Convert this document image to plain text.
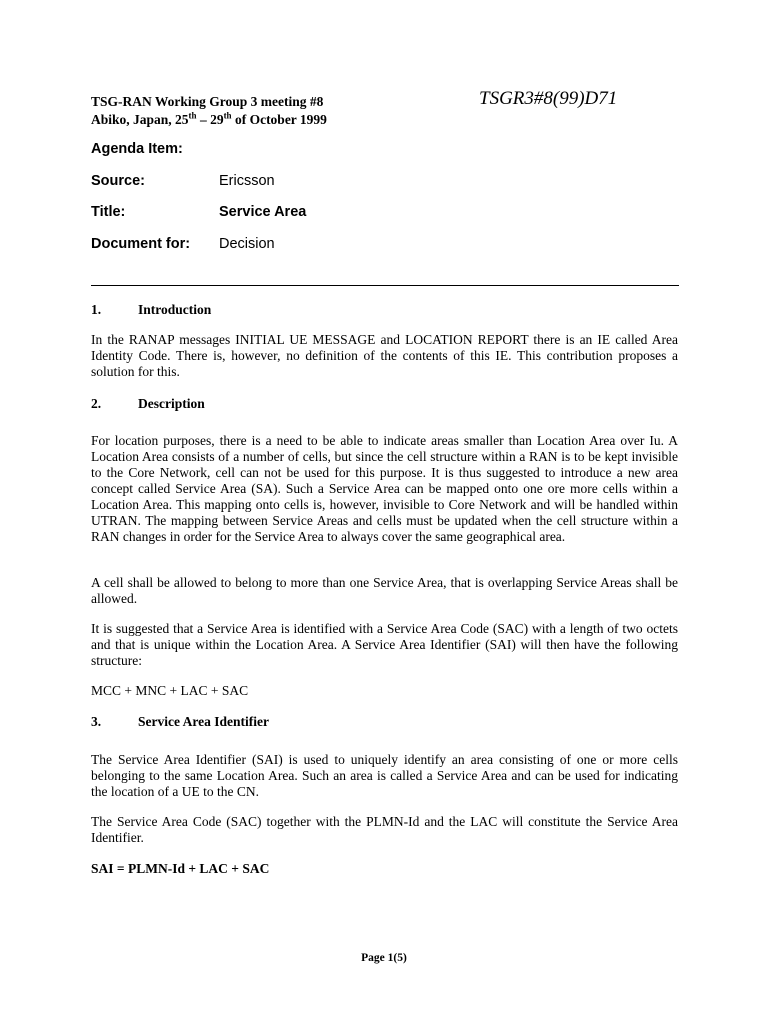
TSG-RAN Working Group 3 meeting #8
Abiko, Japan, 25th – 29th of October 1999
TSGR3#8(99)D71
Agenda Item:
Source:	Ericsson
Title:	Service Area
Document for: Decision
1.	Introduction

In the RANAP messages INITIAL UE MESSAGE and LOCATION REPORT there is an IE called Area Identity Code. There is, however, no definition of the contents of this IE. This contribution proposes a solution for this.

2.	Description

For location purposes, there is a need to be able to indicate areas smaller than Location Area over Iu. A Location Area consists of a number of cells, but since the cell structure within a RAN is to be kept invisible to the Core Network, cell can not be used for this purpose. It is thus suggested to introduce a new area concept called Service Area (SA). Such a Service Area can be mapped onto one ore more cells within a Location Area. This mapping onto cells is, however, invisible to Core Network and will be handled within UTRAN. The mapping between Service Areas and cells must be updated when the cell structure within a RAN changes in order for the Service Area to always cover the same geographical area.

A cell shall be allowed to belong to more than one Service Area, that is overlapping Service Areas shall be allowed.

It is suggested that a Service Area is identified with a Service Area Code (SAC) with a length of two octets and that is unique within the Location Area. A Service Area Identifier (SAI) will then have the following structure:

MCC + MNC + LAC + SAC

3.	Service Area Identifier

The Service Area Identifier (SAI) is used to uniquely identify an area consisting of one or more cells belonging to the same Location Area. Such an area is called a Service Area and can be used for indicating the location of a UE to the CN.

The Service Area Code (SAC) together with the PLMN-Id and the LAC will constitute the Service Area Identifier.

SAI = PLMN-Id + LAC + SAC

Page 1(5)
